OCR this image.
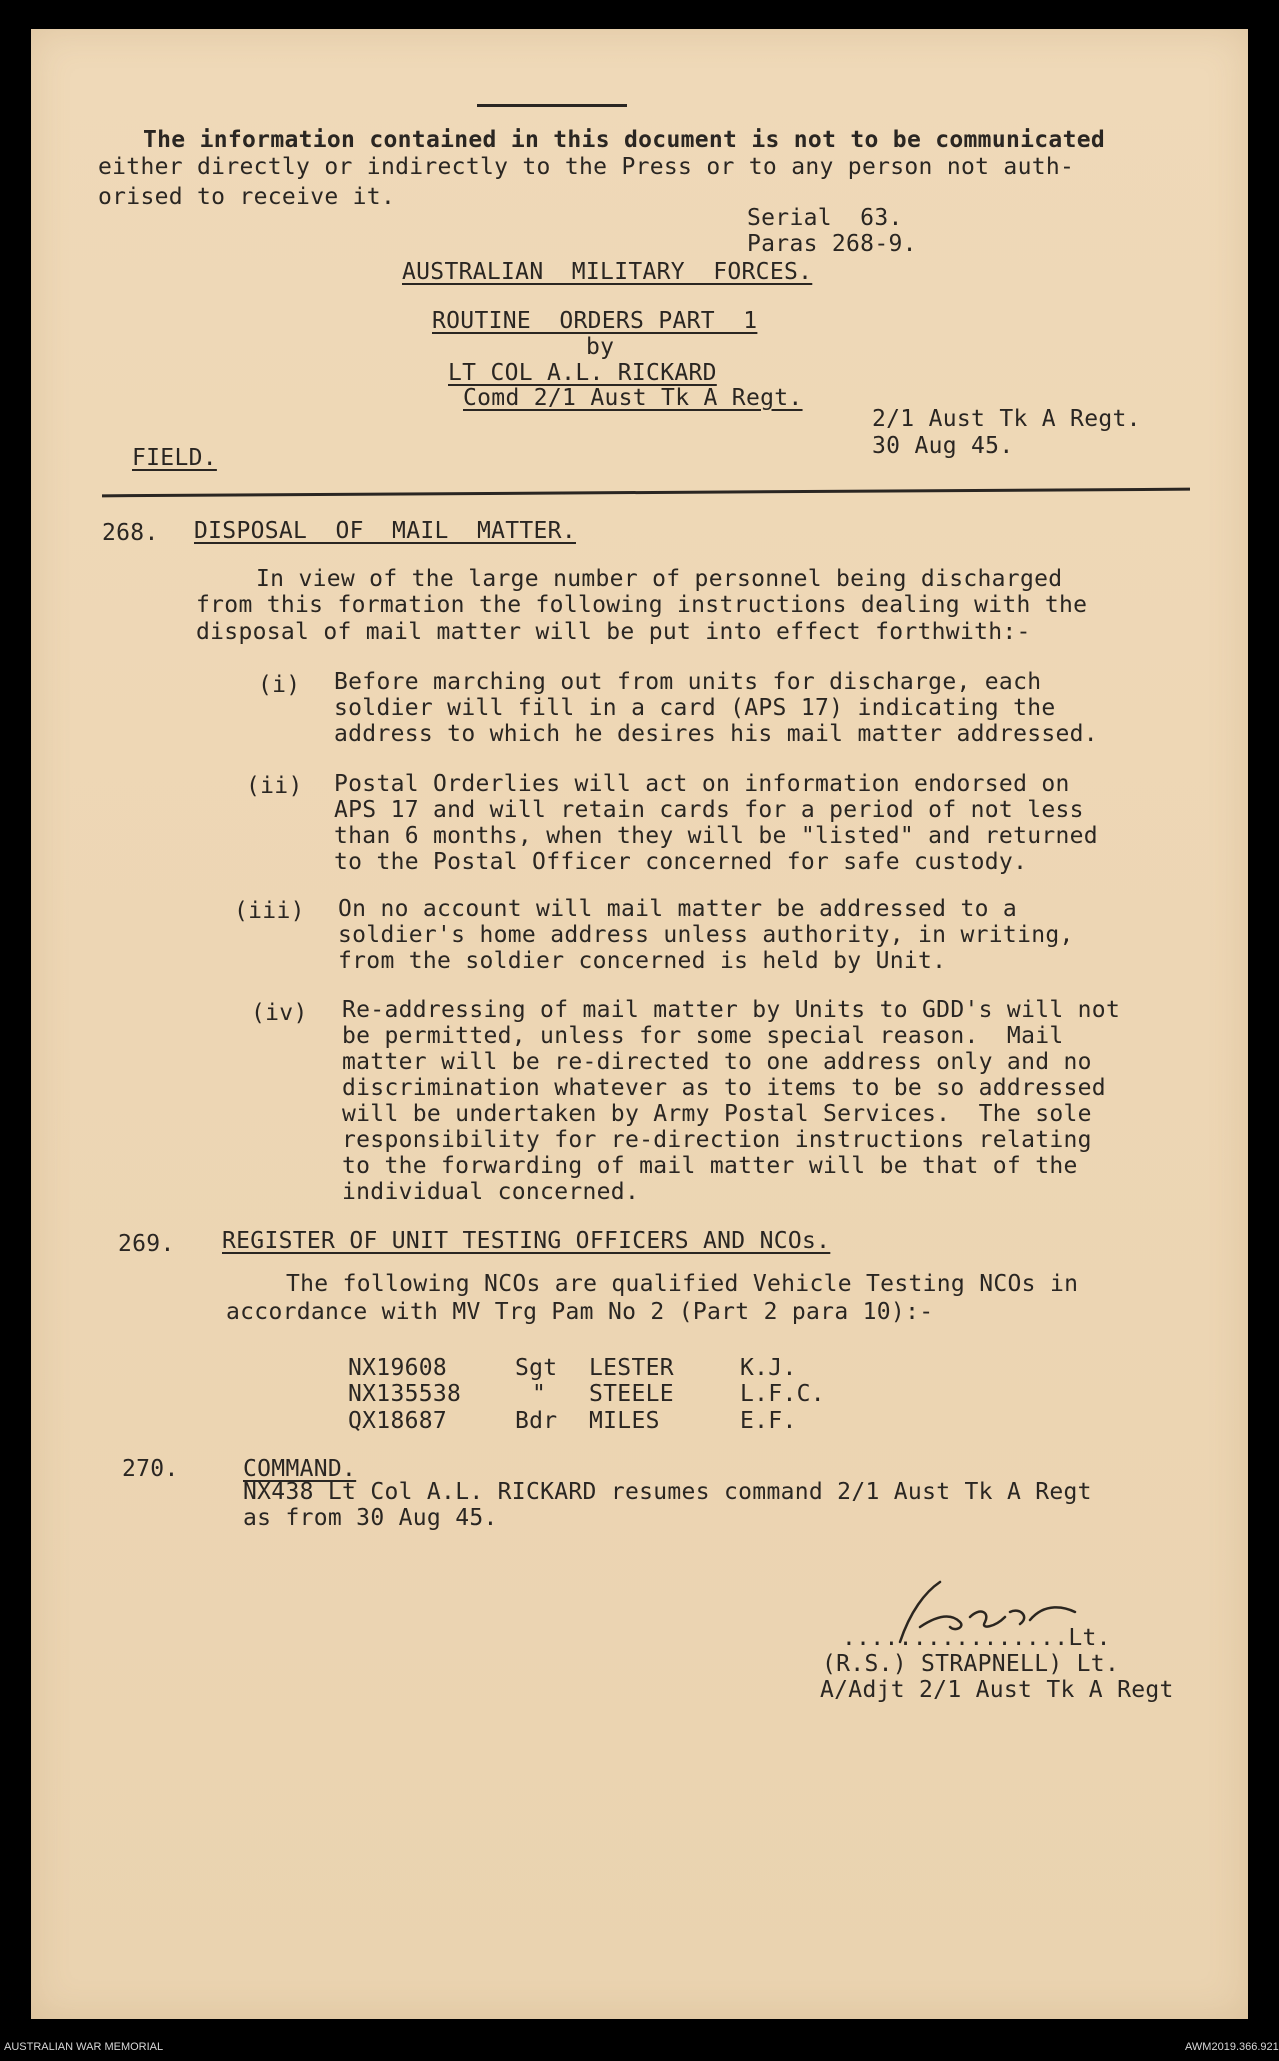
The information contained in this document is not to be communicated
either directly or indirectly to the Press or to any person not auth-
orised to receive it.
Serial  63.
Paras 268-9.
AUSTRALIAN  MILITARY  FORCES.
ROUTINE  ORDERS PART  1
by
LT COL A.L. RICKARD
Comd 2/1 Aust Tk A Regt.
2/1 Aust Tk A Regt.
30 Aug 45.
FIELD.
268. DISPOSAL  OF  MAIL  MATTER.
In view of the large number of personnel being discharged
from this formation the following instructions dealing with the
disposal of mail matter will be put into effect forthwith:-
(i) Before marching out from units for discharge, each
soldier will fill in a card (APS 17) indicating the
address to which he desires his mail matter addressed.
(ii) Postal Orderlies will act on information endorsed on
APS 17 and will retain cards for a period of not less
than 6 months, when they will be "listed" and returned
to the Postal Officer concerned for safe custody.
(iii) On no account will mail matter be addressed to a
soldier's home address unless authority, in writing,
from the soldier concerned is held by Unit.
(iv) Re-addressing of mail matter by Units to GDD's will not
be permitted, unless for some special reason.  Mail
matter will be re-directed to one address only and no
discrimination whatever as to items to be so addressed
will be undertaken by Army Postal Services.  The sole
responsibility for re-direction instructions relating
to the forwarding of mail matter will be that of the
individual concerned.
269. REGISTER OF UNIT TESTING OFFICERS AND NCOs.
The following NCOs are qualified Vehicle Testing NCOs in
accordance with MV Trg Pam No 2 (Part 2 para 10):-
NX19608	Sgt LESTER	K.J.
NX135538	" STEELE	L.F.C.
QX18687	Bdr MILES	E.F.
270.	COMMAND.
NX438 Lt Col A.L. RICKARD resumes command 2/1 Aust Tk A Regt
as from 30 Aug 45.
................Lt.
(R.S.) STRAPNELL) Lt.
A/Adjt 2/1 Aust Tk A Regt
AUSTRALIAN WAR MEMORIAL	AWM2019.366.921
